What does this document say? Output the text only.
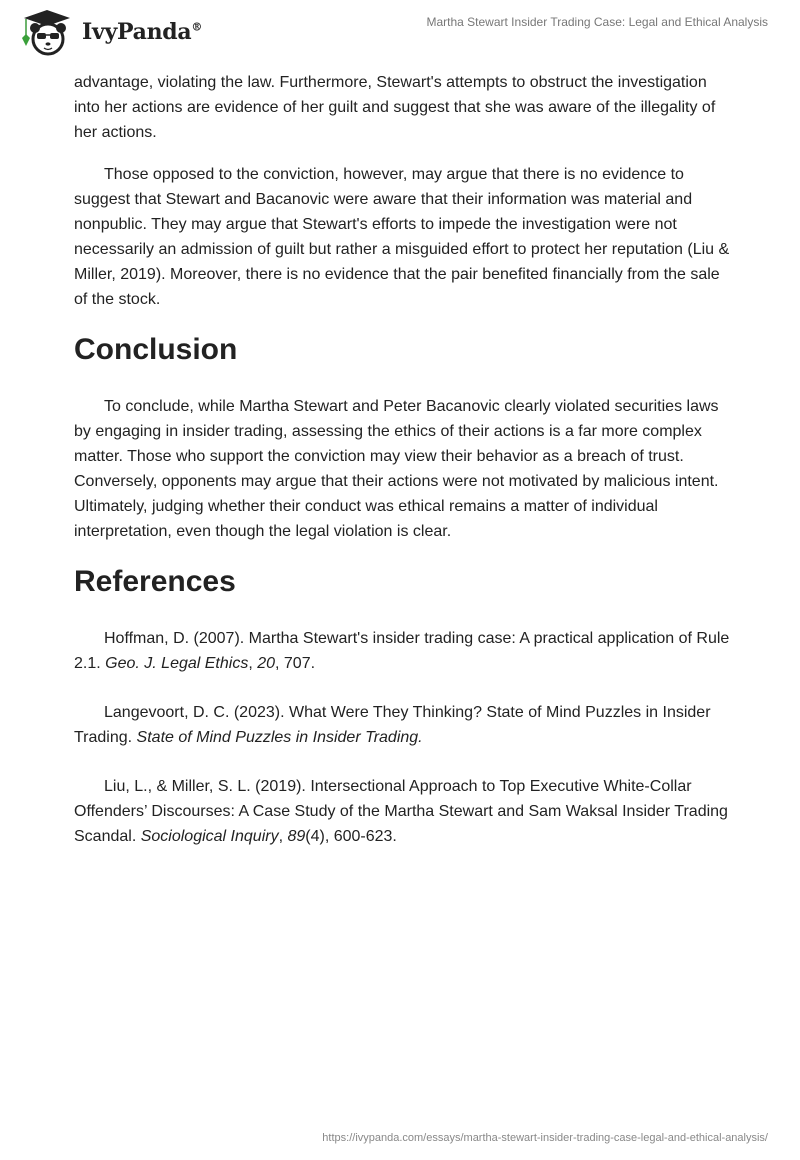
IvyPanda®	Martha Stewart Insider Trading Case: Legal and Ethical Analysis

advantage, violating the law. Furthermore, Stewart's attempts to obstruct the investigation into her actions are evidence of her guilt and suggest that she was aware of the illegality of her actions.

Those opposed to the conviction, however, may argue that there is no evidence to suggest that Stewart and Bacanovic were aware that their information was material and nonpublic. They may argue that Stewart's efforts to impede the investigation were not necessarily an admission of guilt but rather a misguided effort to protect her reputation (Liu & Miller, 2019). Moreover, there is no evidence that the pair benefited financially from the sale of the stock.

Conclusion

To conclude, while Martha Stewart and Peter Bacanovic clearly violated securities laws by engaging in insider trading, assessing the ethics of their actions is a far more complex matter. Those who support the conviction may view their behavior as a breach of trust. Conversely, opponents may argue that their actions were not motivated by malicious intent. Ultimately, judging whether their conduct was ethical remains a matter of individual interpretation, even though the legal violation is clear.

References

Hoffman, D. (2007). Martha Stewart's insider trading case: A practical application of Rule 2.1. Geo. J. Legal Ethics, 20, 707.

Langevoort, D. C. (2023). What Were They Thinking? State of Mind Puzzles in Insider Trading. State of Mind Puzzles in Insider Trading.

Liu, L., & Miller, S. L. (2019). Intersectional Approach to Top Executive White-Collar Offenders’ Discourses: A Case Study of the Martha Stewart and Sam Waksal Insider Trading Scandal. Sociological Inquiry, 89(4), 600-623.

https://ivypanda.com/essays/martha-stewart-insider-trading-case-legal-and-ethical-analysis/
